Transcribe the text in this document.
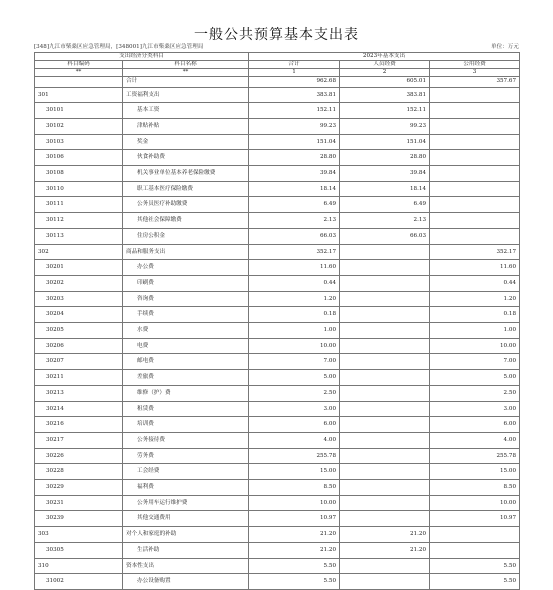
一般公共预算基本支出表
[348]九江市柴桑区应急管理局，[348001]九江市柴桑区应急管理局	单位：万元
支出经济分类科目		2023年基本支出		
科目编码	科目名称	合计	人员经费	公用经费
**	**	1	2	3
	合计	962.68	605.01	357.67
301	工资福利支出	383.81	383.81	
30101	基本工资	152.11	152.11	
30102	津贴补贴	99.23	99.23	
30103	奖金	151.04	151.04	
30106	伙食补助费	28.80	28.80	
30108	机关事业单位基本养老保险缴费	39.84	39.84	
30110	职工基本医疗保险缴费	18.14	18.14	
30111	公务员医疗补助缴费	6.49	6.49	
30112	其他社会保障缴费	2.13	2.13	
30113	住房公积金	66.03	66.03	
302	商品和服务支出	352.17		352.17
30201	办公费	11.60		11.60
30202	印刷费	0.44		0.44
30203	咨询费	1.20		1.20
30204	手续费	0.18		0.18
30205	水费	1.00		1.00
30206	电费	10.00		10.00
30207	邮电费	7.00		7.00
30211	差旅费	5.00		5.00
30213	维修（护）费	2.50		2.50
30214	租赁费	3.00		3.00
30216	培训费	6.00		6.00
30217	公务接待费	4.00		4.00
30226	劳务费	255.78		255.78
30228	工会经费	15.00		15.00
30229	福利费	8.50		8.50
30231	公务用车运行维护费	10.00		10.00
30239	其他交通费用	10.97		10.97
303	对个人和家庭的补助	21.20	21.20	
30305	生活补助	21.20	21.20	
310	资本性支出	5.50		5.50
31002	办公设备购置	5.50		5.50
